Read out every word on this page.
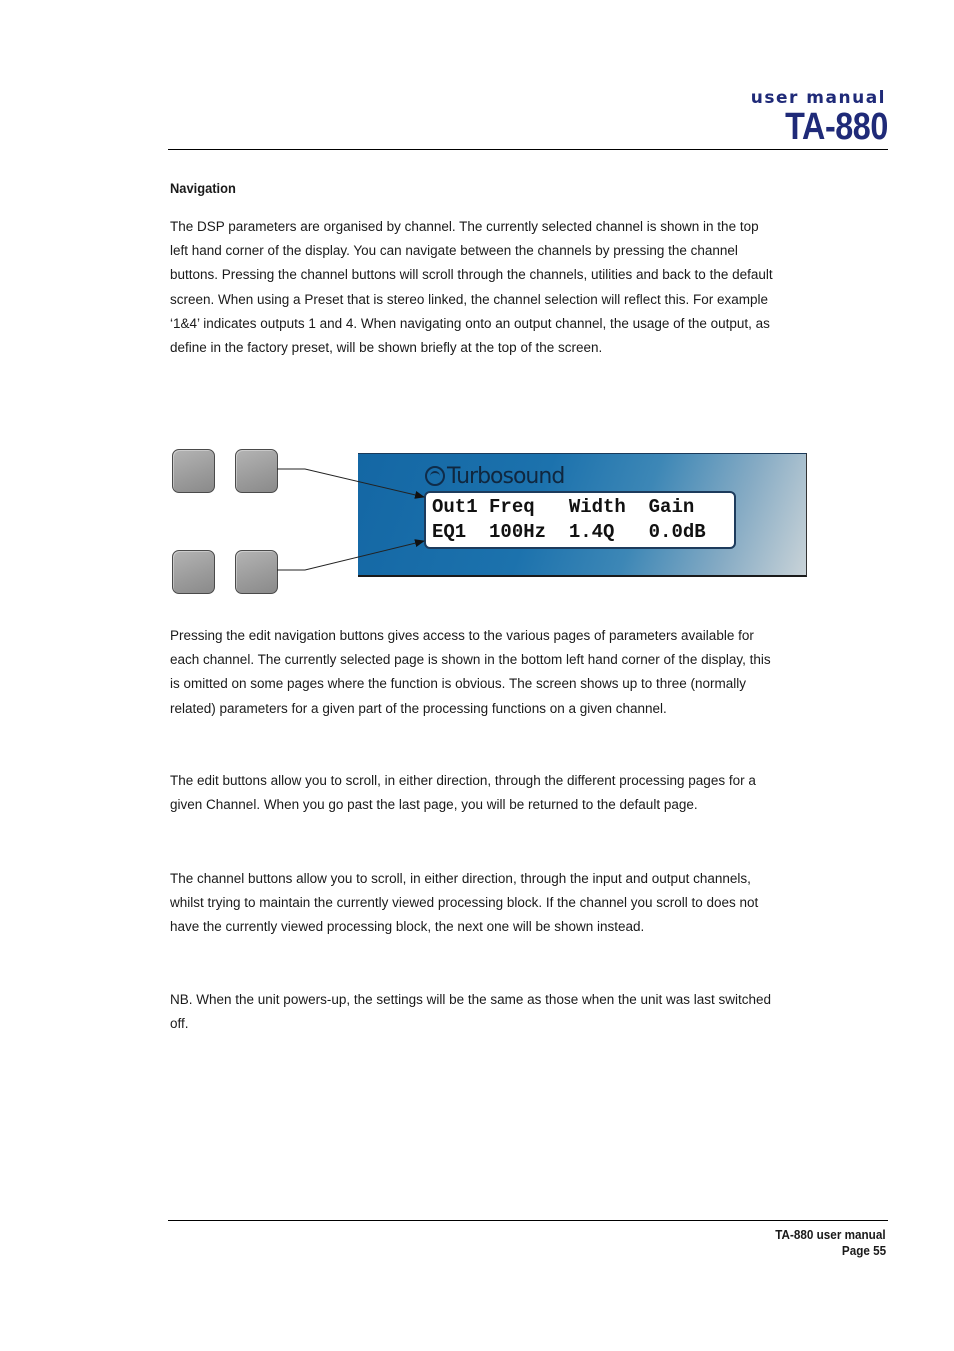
user manual
TA-880
Navigation

The DSP parameters are organised by channel. The currently selected channel is shown in the top left hand corner of the display. You can navigate between the channels by pressing the channel buttons. Pressing the channel buttons will scroll through the channels, utilities and back to the default screen. When using a Preset that is stereo linked, the channel selection will reflect this. For example ‘1&4’ indicates outputs 1 and 4. When navigating onto an output channel, the usage of the output, as define in the factory preset, will be shown briefly at the top of the screen.

Turbosound
Out1 Freq   Width  Gain
EQ1  100Hz  1.4Q   0.0dB

Pressing the edit navigation buttons gives access to the various pages of parameters available for each channel. The currently selected page is shown in the bottom left hand corner of the display, this is omitted on some pages where the function is obvious. The screen shows up to three (normally related) parameters for a given part of the processing functions on a given channel.

The edit buttons allow you to scroll, in either direction, through the different processing pages for a given Channel. When you go past the last page, you will be returned to the default page.

The channel buttons allow you to scroll, in either direction, through the input and output channels, whilst trying to maintain the currently viewed processing block. If the channel you scroll to does not have the currently viewed processing block, the next one will be shown instead.

NB. When the unit powers-up, the settings will be the same as those when the unit was last switched off.

TA-880 user manual
Page 55
